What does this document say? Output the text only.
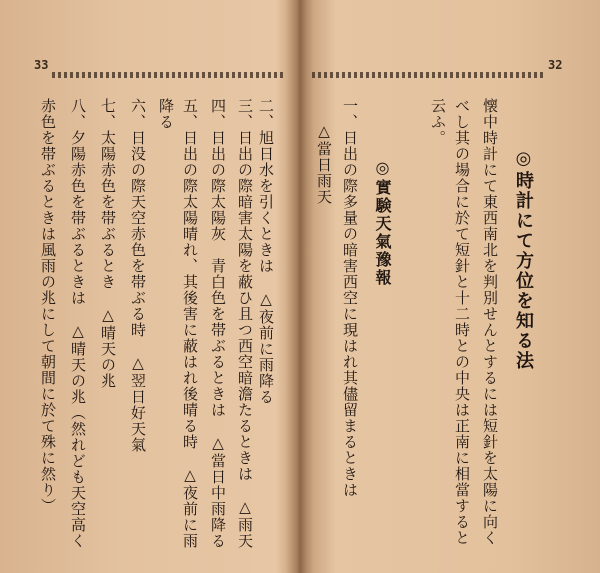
33
二、旭日水を引くときは　△夜前に雨降る
三、日出の際暗害太陽を蔽ひ且つ西空暗澹たるときは　△雨天
四、日出の際太陽灰　青白色を帯ぶるときは　△當日中雨降る
五、日出の際太陽晴れ、其後害に蔽はれ後晴る時　△夜前に雨
降る
六、日没の際天空赤色を帯ぶる時　△翌日好天氣
七、太陽赤色を帯ぶるとき　△晴天の兆
八、夕陽赤色を帯ぶるときは　△晴天の兆（然れども天空高く
赤色を帯ぶるときは風雨の兆にして朝間に於て殊に然り）
32
云ふ。 べし其の場合に於て短針と十二時との中央は正南に相當すると 懐中時計にて東西南北を判別せんとするには短針を太陽に向く ◎時計にて方位を知る法
◎實験天氣豫報
一、日出の際多量の暗害西空に現はれ其儘留まるときは
△當日雨天
